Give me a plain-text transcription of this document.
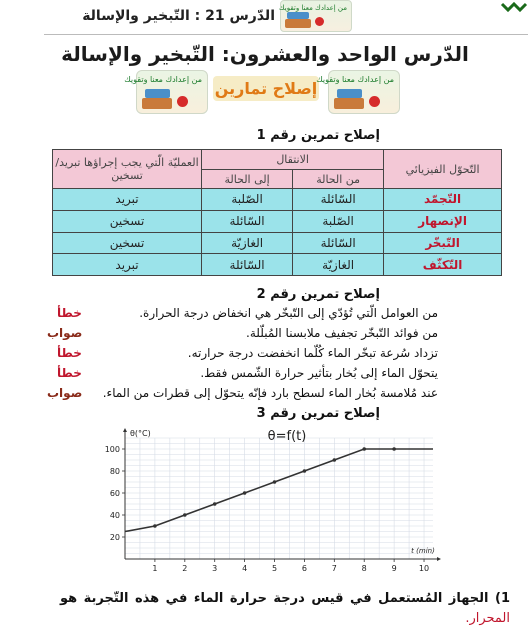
الدّرس 21 : التّبخير والإسالة من إعدادك معنا وتقويك
الدّرس الواحد والعشرون: التّبخير والإسالة
من إعدادك معنا وتقويك إصلاح تمارين
من إعدادك معنا وتقويك
إصلاح تمرين رقم 1
التّحوّل الفيزيائي	الانتقال		العمليّة الّتي يجب إجراؤها تبريد/تسخين
	من الحالة	إلى الحالة	
التّجمّد	السّائلة	الصّلبة	تبريد
الإنصهار	الصّلبة	السّائلة	تسخين
التّبخّر	السّائلة	الغازيّة	تسخين
التّكثّف	الغازيّة	السّائلة	تبريد
إصلاح تمرين رقم 2
من العوامل الّتي تُؤدّي إلى التّبخّر هي انخفاض درجة الحرارة.
خطأ
من فوائد التّبخّر تجفيف ملابسنا المُبلّلة.
صواب
تزداد سُرعة تبخّر الماء كُلّما انخفضت درجة حرارته.
خطأ
يتحوّل الماء إلى بُخار بتأثير حرارة الشّمس فقط.
خطأ
عند مُلامسة بُخار الماء لسطح بارد فإنّه يتحوّل إلى قطرات من الماء.
صواب
إصلاح تمرين رقم 3
1	2	3	4	5	6	7	8	9	10
20
40
60
80
100
θ(°C)
t (min)
θ=f(t)
1) الجهاز المُستعمل في قيس درجة حرارة الماء في هذه التّجربة هو المحرار.
